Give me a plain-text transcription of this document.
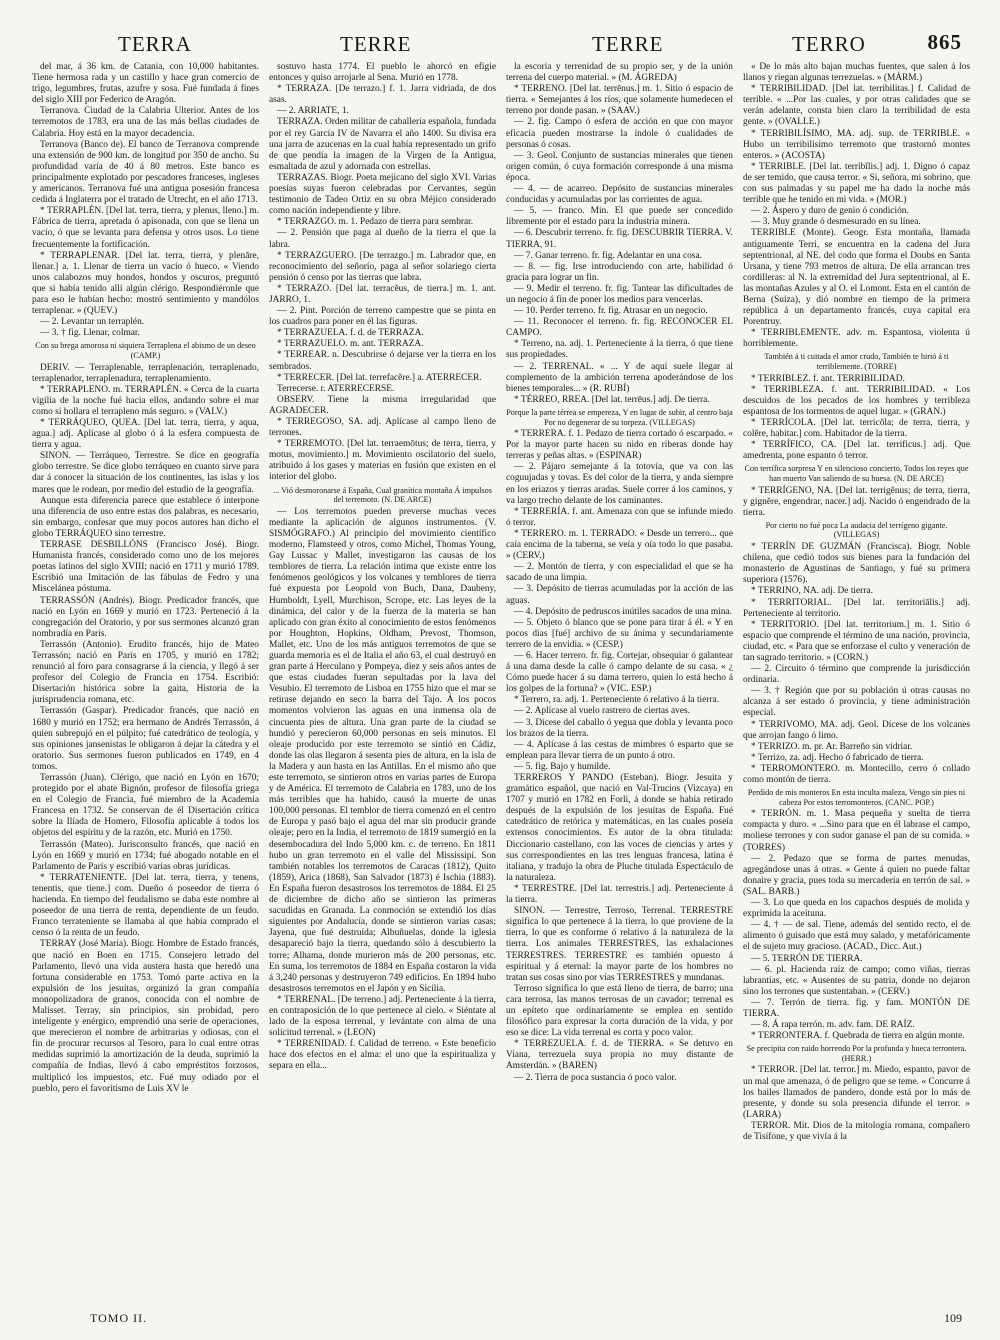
TERRA	TERRE	TERRE	TERRO	865

del mar, á 36 km. de Catania, con 10,000 habitantes. Tiene hermosa rada y un castillo y hace gran comercio de trigo, legumbres, frutas, azufre y sosa. Fué fundada á fines del siglo XIII por Federico de Aragón.

Terranova. Ciudad de la Calabria Ulterior. Antes de los terremotos de 1783, era una de las más bellas ciudades de Calabria. Hoy está en la mayor decadencia.

Terranova (Banco de). El banco de Terranova comprende una extensión de 900 km. de longitud por 350 de ancho. Su profundidad varía de 40 á 80 metros. Este banco es principalmente explotado por pescadores franceses, ingleses y americanos. Terranova fué una antigua posesión francesa cedida á Inglaterra por el tratado de Utrecht, en el año 1713.

* TERRAPLÉN. [Del lat. terra, tierra, y plenus, lleno.] m. Fábrica de tierra, apretada ó apisonada, con que se llena un vacío, ó que se levanta para defensa y otros usos. Lo tiene frecuentemente la fortificación.

* TERRAPLENAR. [Del lat. terra, tierra, y plenāre, llenar.] a. 1. Llenar de tierra un vacío ó hueco. « Viendo unos calabozos muy hondos, hondos y oscuros, preguntó que si había tenido allí algún clérigo. Respondiéronle que para eso le habían hecho: mostró sentimiento y mandólos terraplenar. » (QUEV.)

— 2. Levantar un terraplén.

— 3. † fig. Llenar, colmar.

Con su brega amorosa ni siquiera Terraplena el abismo de un deseo (CAMP.)

DERIV. — Terraplenable, terraplenación, terraplenado, terraplenador, terraplenadura, terraplenamiento.

* TERRAPLENO. m. TERRAPLÉN. « Cerca de la cuarta vigilia de la noche fué hacia ellos, andando sobre el mar como si hollara el terrapleno más seguro. » (VALV.)

* TERRÁQUEO, QUEA. [Del lat. terra, tierra, y aqua, agua.] adj. Aplícase al globo ó á la esfera compuesta de tierra y agua.

SINON. — Terráqueo, Terrestre. Se dice en geografía globo terrestre. Se dice globo terráqueo en cuanto sirve para dar á conocer la situación de los continentes, las islas y los mares que le rodean, por medio del estudio de la geografía.

Aunque esta diferencia parece que establece ó interpone una diferencia de uso entre estas dos palabras, es necesario, sin embargo, confesar que muy pocos autores han dicho el globo TERRÁQUEO sino terrestre.

TERRASE DESBILLÓNS (Francisco José). Biogr. Humanista francés, considerado como uno de los mejores poetas latinos del siglo XVIII; nació en 1711 y murió 1789. Escribió una Imitación de las fábulas de Fedro y una Miscelánea póstuma.

TERRASSÓN (Andrés). Biogr. Predicador francés, que nació en Lyón en 1669 y murió en 1723. Perteneció á la congregación del Oratorio, y por sus sermones alcanzó gran nombradía en París.

Terrassón (Antonio). Erudito francés, hijo de Mateo Terrassón; nació en París en 1705, y murió en 1782; renunció al foro para consagrarse á la ciencia, y llegó á ser profesor del Colegio de Francia en 1754. Escribió: Disertación histórica sobre la gaita, Historia de la jurisprudencia romana, etc.

Terrassón (Gaspar). Predicador francés, que nació en 1680 y murió en 1752; era hermano de Andrés Terrassón, á quien subrepujó en el púlpito; fué catedrático de teología, y sus opiniones jansenistas le obligaron á dejar la cátedra y el oratorio. Sus sermones fueron publicados en 1749, en 4 tomos.

Terrassón (Juan). Clérigo, que nació en Lyón en 1670; protegido por el abate Bignón, profesor de filosofía griega en el Colegio de Francia, fué miembro de la Academia Francesa en 1732. Se conservan de él Disertación crítica sobre la Ilíada de Homero, Filosofía aplicable á todos los objetos del espíritu y de la razón, etc. Murió en 1750.

Terrassón (Mateo). Jurisconsulto francés, que nació en Lyón en 1669 y murió en 1734; fué abogado notable en el Parlamento de París y escribió varias obras jurídicas.

* TERRATENIENTE. [Del lat. terra, tierra, y tenens, tenentis, que tiene.] com. Dueño ó poseedor de tierra ó hacienda. En tiempo del feudalismo se daba este nombre al poseedor de una tierra de renta, dependiente de un feudo. Franco terrateniente se llamaba al que había comprado el censo ó la renta de un feudo.

TERRAY (José María). Biogr. Hombre de Estado francés, que nació en Boen en 1715. Consejero letrado del Parlamento, llevó una vida austera hasta que heredó una fortuna considerable en 1753. Tomó parte activa en la expulsión de los jesuítas, organizó la gran compañía monopolizadora de granos, conocida con el nombre de Malisset. Terray, sin principios, sin probidad, pero inteligente y enérgico, emprendió una serie de operaciones, que merecieron el nombre de arbitrarias y odiosas, con el fin de procurar recursos al Tesoro, para lo cual entre otras medidas suprimió la amortización de la deuda, suprimió la compañía de Indias, llevó á cabo empréstitos forzosos, multiplicó los impuestos, etc. Fué muy odiado por el pueblo, pero el favoritismo de Luis XV le

sostuvo hasta 1774. El pueblo le ahorcó en efigie entonces y quiso arrojarle al Sena. Murió en 1778.

* TERRAZA. [De terrazo.] f. 1. Jarra vidriada, de dos asas.

— 2. ARRIATE, 1.

TERRAZA. Orden militar de caballería española, fundada por el rey García IV de Navarra el año 1400. Su divisa era una jarra de azucenas en la cual había representado un grifo de que pendía la imagen de la Virgen de la Antigua, esmaltada de azul y adornada con estrellas.

TERRAZAS. Biogr. Poeta mejicano del siglo XVI. Varias poesías suyas fueron celebradas por Cervantes, según testimonio de Tadeo Ortiz en su obra Méjico considerado como nación independiente y libre.

* TERRAZGO. m. 1. Pedazo de tierra para sembrar.

— 2. Pensión que paga al dueño de la tierra el que la labra.

* TERRAZGUERO. [De terrazgo.] m. Labrador que, en reconocimiento del señorío, paga al señor solariego cierta pensión ó censo por las tierras que labra.

* TERRAZO. [Del lat. terracĕus, de tierra.] m. 1. ant. JARRO, 1.

— 2. Pint. Porción de terreno campestre que se pinta en los cuadros para poner en él las figuras.

* TERRAZUELA. f. d. de TERRAZA.

* TERRAZUELO. m. ant. TERRAZA.

* TERREAR. n. Descubrirse ó dejarse ver la tierra en los sembrados.

* TERRECER. [Del lat. terrefacĕre.] a. ATERRECER.

Terrecerse. r. ATERRECERSE.

OBSERV. Tiene la misma irregularidad que AGRADECER.

* TERREGOSO, SA. adj. Aplícase al campo lleno de terrones.

* TERREMOTO. [Del lat. terraemōtus; de terra, tierra, y motus, movimiento.] m. Movimiento oscilatorio del suelo, atribuido á los gases y materias en fusión que existen en el interior del globo.

... Vió desmoronarse á España, Cual granítica montaña Á impulsos del terremoto. (N. DE ARCE)

— Los terremotos pueden preverse muchas veces mediante la aplicación de algunos instrumentos. (V. SISMÓGRAFO.) Al principio del movimiento científico moderno, Flamsteed y otros, como Michel, Thomas Young, Gay Lussac y Mallet, investigaron las causas de los temblores de tierra. La relación íntima que existe entre los fenómenos geológicos y los volcanes y temblores de tierra fué expuesta por Leopold von Buch, Dana, Daubeny, Humboldt, Lyell, Murchison, Scrope, etc. Las leyes de la dinámica, del calor y de la fuerza de la materia se han aplicado con gran éxito al conocimiento de estos fenómenos por Houghton, Hopkins, Oldham, Prevost, Thomson, Mallet, etc. Uno de los más antiguos terremotos de que se guarda memoria es el de Italia el año 63, el cual destruyó en gran parte á Herculano y Pompeya, diez y seis años antes de que estas ciudades fueran sepultadas por la lava del Vesubio. El terremoto de Lisboa en 1755 hizo que el mar se retirase dejando en seco la barra del Tajo. Á los pocos momentos volvieron las aguas en una inmensa ola de cincuenta pies de altura. Una gran parte de la ciudad se hundió y perecieron 60,000 personas en seis minutos. El oleaje producido por este terremoto se sintió en Cádiz, donde las olas llegaron á sesenta pies de altura, en la isla de la Madera y aun hasta en las Antillas. En el mismo año que este terremoto, se sintieron otros en varias partes de Europa y de América. El terremoto de Calabria en 1783, uno de los más terribles que ha habido, causó la muerte de unas 100,000 personas. El temblor de tierra comenzó en el centro de Europa y pasó bajo el agua del mar sin producir grande oleaje; pero en la India, el terremoto de 1819 sumergió en la desembocadura del Indo 5,000 km. c. de terreno. En 1811 hubo un gran terremoto en el valle del Mississipí. Son también notables los terremotos de Caracas (1812), Quito (1859), Arica (1868), San Salvador (1873) é Ischia (1883). En España fueron desastrosos los terremotos de 1884. El 25 de diciembre de dicho año se sintieron las primeras sacudidas en Granada. La conmoción se extendió los días siguientes por Andalucía, donde se sintieron varias casas; Jayena, que fué destruída; Albuñuelas, donde la iglesia desapareció bajo la tierra, quedando sólo á descubierto la torre; Alhama, donde murieron más de 200 personas, etc. En suma, los terremotos de 1884 en España costaron la vida á 3,240 personas y destruyeron 749 edificios. En 1894 hubo desastrosos terremotos en el Japón y en Sicilia.

* TERRENAL. [De terreno.] adj. Perteneciente á la tierra, en contraposición de lo que pertenece al cielo. « Siéntate al lado de la esposa terrenal, y levántate con alma de una solicitud terrenal. » (LEON)

* TERRENIDAD. f. Calidad de terreno. « Este beneficio hace dos efectos en el alma: el uno que la espiritualiza y separa en ella...

la escoria y terrenidad de su propio ser, y de la unión terrena del cuerpo material. » (M. ÁGREDA)

* TERRENO. [Del lat. terrēnus.] m. 1. Sitio ó espacio de tierra. « Semejantes á los ríos, que solamente humedecen el terreno por donde pasan. » (SAAV.)

— 2. fig. Campo ó esfera de acción en que con mayor eficacia pueden mostrarse la índole ó cualidades de personas ó cosas.

— 3. Geol. Conjunto de sustancias minerales que tienen origen común, ó cuya formación corresponde á una misma época.

— 4. — de acarreo. Depósito de sustancias minerales conducidas y acumuladas por las corrientes de agua.

— 5. — franco. Min. El que puede ser concedido libremente por el estado para la industria minera.

— 6. Descubrir terreno. fr. fig. DESCUBRIR TIERRA. V. TIERRA, 91.

— 7. Ganar terreno. fr. fig. Adelantar en una cosa.

— 8. — fig. Irse introduciendo con arte, habilidad ó gracia para lograr un fin.

— 9. Medir el terreno. fr. fig. Tantear las dificultades de un negocio á fin de poner los medios para vencerlas.

— 10. Perder terreno. fr. fig. Atrasar en un negocio.

— 11. Reconocer el terreno. fr. fig. RECONOCER EL CAMPO.

* Terreno, na. adj. 1. Perteneciente á la tierra, ó que tiene sus propiedades.

— 2. TERRENAL. « ... Y de aquí suele llegar al complemento de la ambición terrena apoderándose de los bienes temporales... » (R. RUBÍ)

* TÉRREO, RREA. [Del lat. terrēus.] adj. De tierra.

Porque la parte térrea se empereza, Y en lugar de subir, al centro baja Por no degenerar de su torpeza. (VILLEGAS)

* TERRERA. f. 1. Pedazo de tierra cortado ó escarpado. « Por la mayor parte hacen su nido en riberas donde hay terreras y peñas altas. » (ESPINAR)

— 2. Pájaro semejante á la totovía, que va con las coguujadas y tovas. Es del color de la tierra, y anda siempre en los eriazos y tierras aradas. Suele correr á los caminos, y va largo trecho delante de los caminantes.

* TERRERÍA. f. ant. Amenaza con que se infunde miedo ó terror.

* TERRERO. m. 1. TERRADO. « Desde un terrero... que caía encima de la taberna, se veía y oía todo lo que pasaba. » (CERV.)

— 2. Montón de tierra, y con especialidad el que se ha sacado de una limpia.

— 3. Depósito de tierras acumuladas por la acción de las aguas.

— 4. Depósito de pedruscos inútiles sacados de una mina.

— 5. Objeto ó blanco que se pone para tirar á él. « Y en pocos días [fué] archivo de su ánima y secundariamente terrero de la envidia. » (CESP.)

— 6. Hacer terrero. fr. fig. Cortejar, obsequiar ó galantear á una dama desde la calle ó campo delante de su casa. « ¿ Cómo puede hacer á su dama terrero, quien lo está hecho á los golpes de la fortuna? » (VIC. ESP.)

* Terrero, ra. adj. 1. Perteneciente ó relativo á la tierra.

— 2. Aplícase al vuelo rastrero de ciertas aves.

— 3. Dícese del caballo ó yegua que dobla y levanta poco los brazos de la tierra.

— 4. Aplícase á las cestas de mimbres ó esparto que se emplean para llevar tierra de un punto á otro.

— 5. fig. Bajo y humilde.

TERREROS Y PANDO (Esteban). Biogr. Jesuita y gramático español, que nació en Val-Trucios (Vizcaya) en 1707 y murió en 1782 en Forli, á donde se había retirado después de la expulsión de los jesuítas de España. Fué catedrático de retórica y matemáticas, en las cuales poseía extensos conocimientos. Es autor de la obra titulada: Diccionario castellano, con las voces de ciencias y artes y sus correspondientes en las tres lenguas francesa, latina é italiana, y tradujo la obra de Pluche titulada Espectáculo de la naturaleza.

* TERRESTRE. [Del lat. terrestris.] adj. Perteneciente á la tierra.

SINON. — Terrestre, Terroso, Terrenal. TERRESTRE significa lo que pertenece á la tierra, lo que proviene de la tierra, lo que es conforme ó relativo á la naturaleza de la tierra. Los animales TERRESTRES, las exhalaciones TERRESTRES. TERRESTRE es también opuesto á espiritual y á eternal: la mayor parte de los hombres no tratan sus cosas sino por vías TERRESTRES y mundanas.

Terroso significa lo que está lleno de tierra, de barro; una cara terrosa, las manos terrosas de un cavador; terrenal es un epíteto que ordinariamente se emplea en sentido filosófico para expresar la corta duración de la vida, y por eso se dice: La vida terrenal es corta y poco valor.

* TERREZUELA. f. d. de TIERRA. « Se detuvo en Viana, terrezuela suya propia no muy distante de Amsterdán. » (BAREN)

— 2. Tierra de poca sustancia ó poco valor.

« De lo más alto bajan muchas fuentes, que salen á los llanos y riegan algunas terrezuelas. » (MÁRM.)

* TERRIBILIDAD. [Del lat. terribilitas.] f. Calidad de terrible. « ...Por las cuales, y por otras calidades que se verán adelante, consta bien claro la terribilidad de esta gente. » (OVALLE.)

* TERRIBILÍSIMO, MA. adj. sup. de TERRIBLE. « Hubo un terribilísimo terremoto que trastornó montes enteros. » (ACOSTA)

* TERRIBLE. [Del lat. terribĭlis.] adj. 1. Digno ó capaz de ser temido, que causa terror. « Si, señora, mi sobrino, que con sus palmadas y su papel me ha dado la noche más terrible que he tenido en mi vida. » (MOR.)

— 2. Áspero y duro de genio ó condición.

— 3. Muy grande ó desmesurado en su línea.

TERRIBLE (Monte). Geogr. Esta montaña, llamada antiguamente Terri, se encuentra en la cadena del Jura septentrional, al NE. del codo que forma el Doubs en Santa Ursana, y tiene 793 metros de altura. De ella arrancan tres cordilleras: al N. la extremidad del Jura septentrional, al E. las montañas Azules y al O. el Lomont. Esta en el cantón de Berna (Suiza), y dió nombre en tiempo de la primera república á un departamento francés, cuya capital era Porentruy.

* TERRIBLEMENTE. adv. m. Espantosa, violenta ú horriblemente.

También á ti cuitada el amor crudo, También te hirió á ti terriblemente. (TORRE)

* TERRIBLEZ. f. ant. TERRIBILIDAD.

* TERRIBLEZA. f. ant. TERRIBILIDAD. « Los descuidos de los pecados de los hombres y terribleza espantosa de los tormentos de aquel lugar. » (GRAN.)

* TERRÍCOLA. [Del lat. terricŏla; de terra, tierra, y colĕre, habitar.] com. Habitador de la tierra.

* TERRÍFICO, CA. [Del lat. terrificus.] adj. Que amedrenta, pone espanto ó terror.

Con terrífica sorpresa Y en silencioso concierto, Todos los reyes que han muerto Van saliendo de su huesa. (N. DE ARCE)

* TERRÍGENO, NA. [Del lat. terrigĕnus; de terra, tierra, y gignĕre, engendrar, nacer.] adj. Nacido ó engendrado de la tierra.

Por cierto no fué poca La audacia del terrígeno gigante. (VILLEGAS)

* TERRÍN DE GUZMÁN (Francisca). Biogr. Noble chilena, que cedió todos sus bienes para la fundación del monasterio de Agustinas de Santiago, y fué su primera superiora (1576).

* TERRINO, NA. adj. De tierra.

* TERRITORIAL. [Del lat. territoriālis.] adj. Perteneciente al territorio.

* TERRITORIO. [Del lat. territorium.] m. 1. Sitio ó espacio que comprende el término de una nación, provincia, ciudad, etc. « Para que se enforzase el culto y veneración de tan sagrado territorio. » (CORN.)

— 2. Circuito ó término que comprende la jurisdicción ordinaria.

— 3. † Región que por su población ú otras causas no alcanza á ser estado ó provincia, y tiene administración especial.

* TERRIVOMO, MA. adj. Geol. Dícese de los volcanes que arrojan fango ó limo.

* TERRIZO. m. pr. Ar. Barreño sin vidriar.

* Terrizo, za. adj. Hecho ó fabricado de tierra.

* TERROMONTERO. m. Montecillo, cerro ó collado como montón de tierra.

Perdido de mis monteros En esta inculta maleza, Vengo sin pies ni cabeza Por estos terromonteros. (CANC. POP.)

* TERRÓN. m. 1. Masa pequeña y suelta de tierra compacta y duro. « ...Sino para que en él labrase el campo, moliese terrones y con sudor ganase el pan de su comida. » (TORRES)

— 2. Pedazo que se forma de partes menudas, agregándose unas á otras. « Gente á quien no puede faltar donaire y gracia, pues toda su mercadería en terrón de sal. » (SAL. BARB.)

— 3. Lo que queda en los capachos después de molida y exprimida la aceituna.

— 4. † — de sal. Tiene, además del sentido recto, el de alimento ó guisado que está muy salado, y metafóricamente el de sujeto muy gracioso. (ACAD., Dicc. Aut.)

— 5. TERRÓN DE TIERRA.

— 6. pl. Hacienda raíz de campo; como viñas, tierras labrantías, etc. « Ausentes de su patria, donde no dejaron sino los terrones que sustentaban. » (CERV.)

— 7. Terrón de tierra. fig. y fam. MONTÓN DE TIERRA.

— 8. Á rapa terrón. m. adv. fam. DE RAÍZ.

* TERRONTERA. f. Quebrada de tierra en algún monte.

Se precipita con ruido horrendo Por la profunda y hueca terrontera. (HERR.)

* TERROR. [Del lat. terror.] m. Miedo, espanto, pavor de un mal que amenaza, ó de peligro que se teme. « Concurre á los bailes llamados de pandero, donde está por lo más de presente, y donde su sola presencia difunde el terror. » (LARRA)

TERROR. Mit. Dios de la mitología romana, compañero de Tisífone, y que vivía á la

TOMO II.	109
